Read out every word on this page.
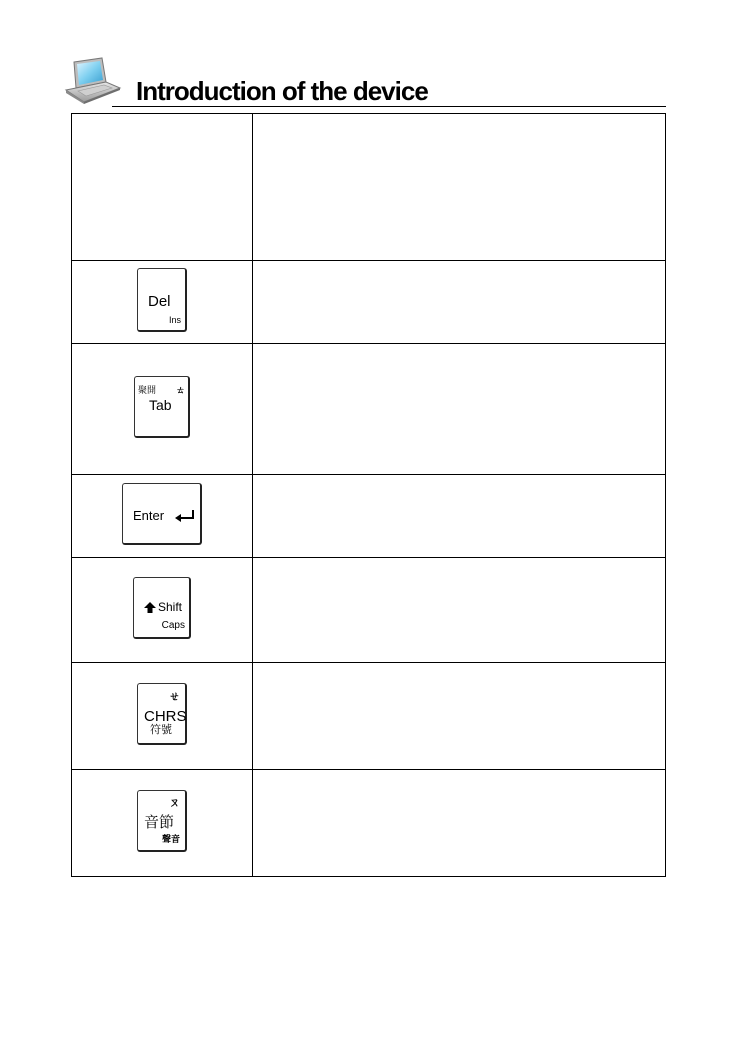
Introduction of the device

Del
Ins	

聚開 ㄊ
Tab	

Enter	

Shift
Caps	

ㄝ
CHRS
符號	

ㄡ
音節
聲音	
